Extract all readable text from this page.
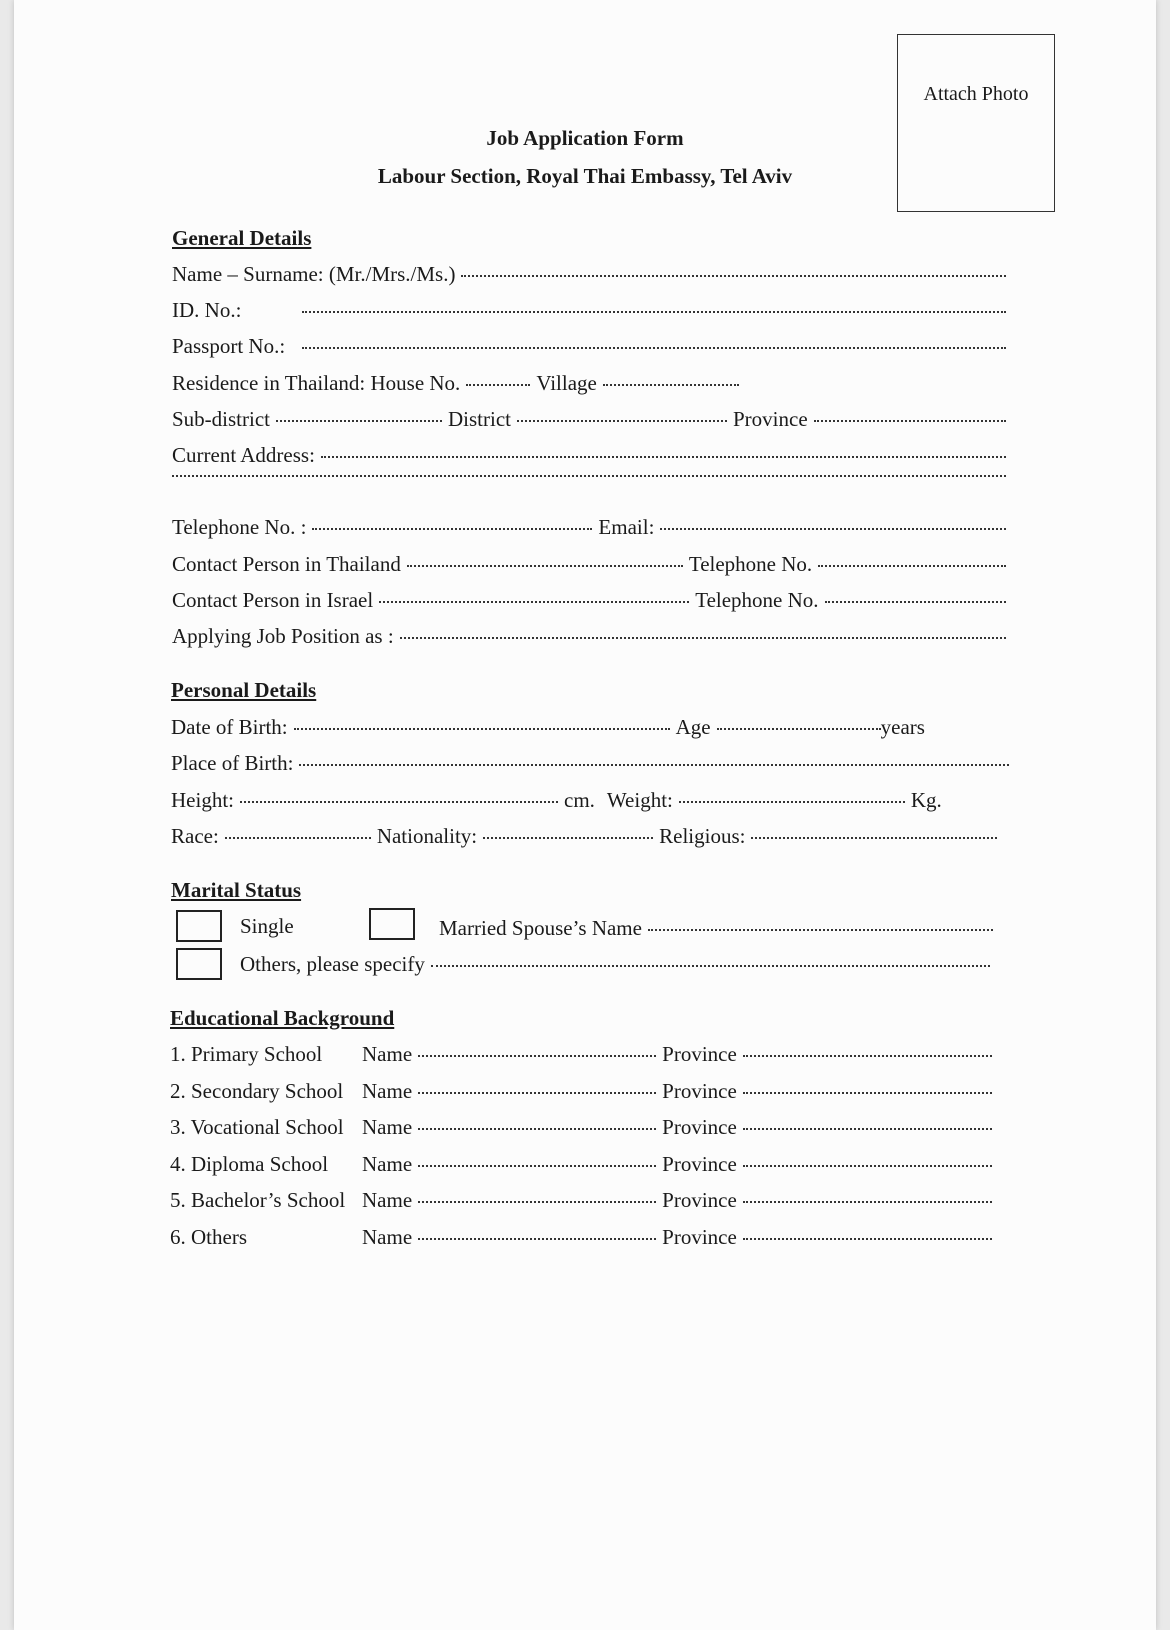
Attach Photo
Job Application Form
Labour Section, Royal Thai Embassy, Tel Aviv
General Details
Name – Surname: (Mr./Mrs./Ms.)
ID. No.:
Passport No.:
Residence in Thailand: House No.	Village
Sub-district	District	Province
Current Address:
Telephone No. :	Email:
Contact Person in Thailand	Telephone No.
Contact Person in Israel	Telephone No.
Applying Job Position as :
Personal Details
Date of Birth:	Age	years
Place of Birth:
Height:	cm. Weight:	Kg.
Race:	Nationality:	Religious:
Marital Status
Single	Married Spouse’s Name
Others, please specify
Educational Background
1. Primary School	Name	Province
2. Secondary School Name	Province
3. Vocational School Name	Province
4. Diploma School	Name	Province
5. Bachelor’s School Name	Province
6. Others	Name	Province
